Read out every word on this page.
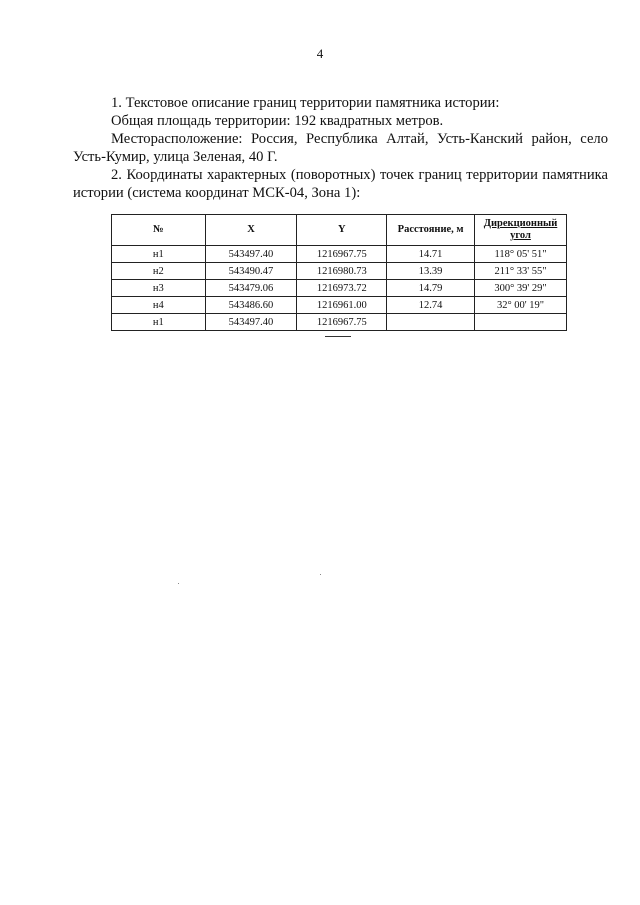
4

1. Текстовое описание границ территории памятника истории:

Общая площадь территории: 192 квадратных метров.

Месторасположение: Россия, Республика Алтай, Усть-Канский район, село Усть-Кумир, улица Зеленая, 40 Г.

2. Координаты характерных (поворотных) точек границ территории памятника истории (система координат МСК-04, Зона 1):

№	X	Y	Расстояние, м	Дирекционный угол
н1	543497.40	1216967.75	14.71	118° 05' 51"
н2	543490.47	1216980.73	13.39	211° 33' 55"
н3	543479.06	1216973.72	14.79	300° 39' 29"
н4	543486.60	1216961.00	12.74	32° 00' 19"
н1	543497.40	1216967.75		
